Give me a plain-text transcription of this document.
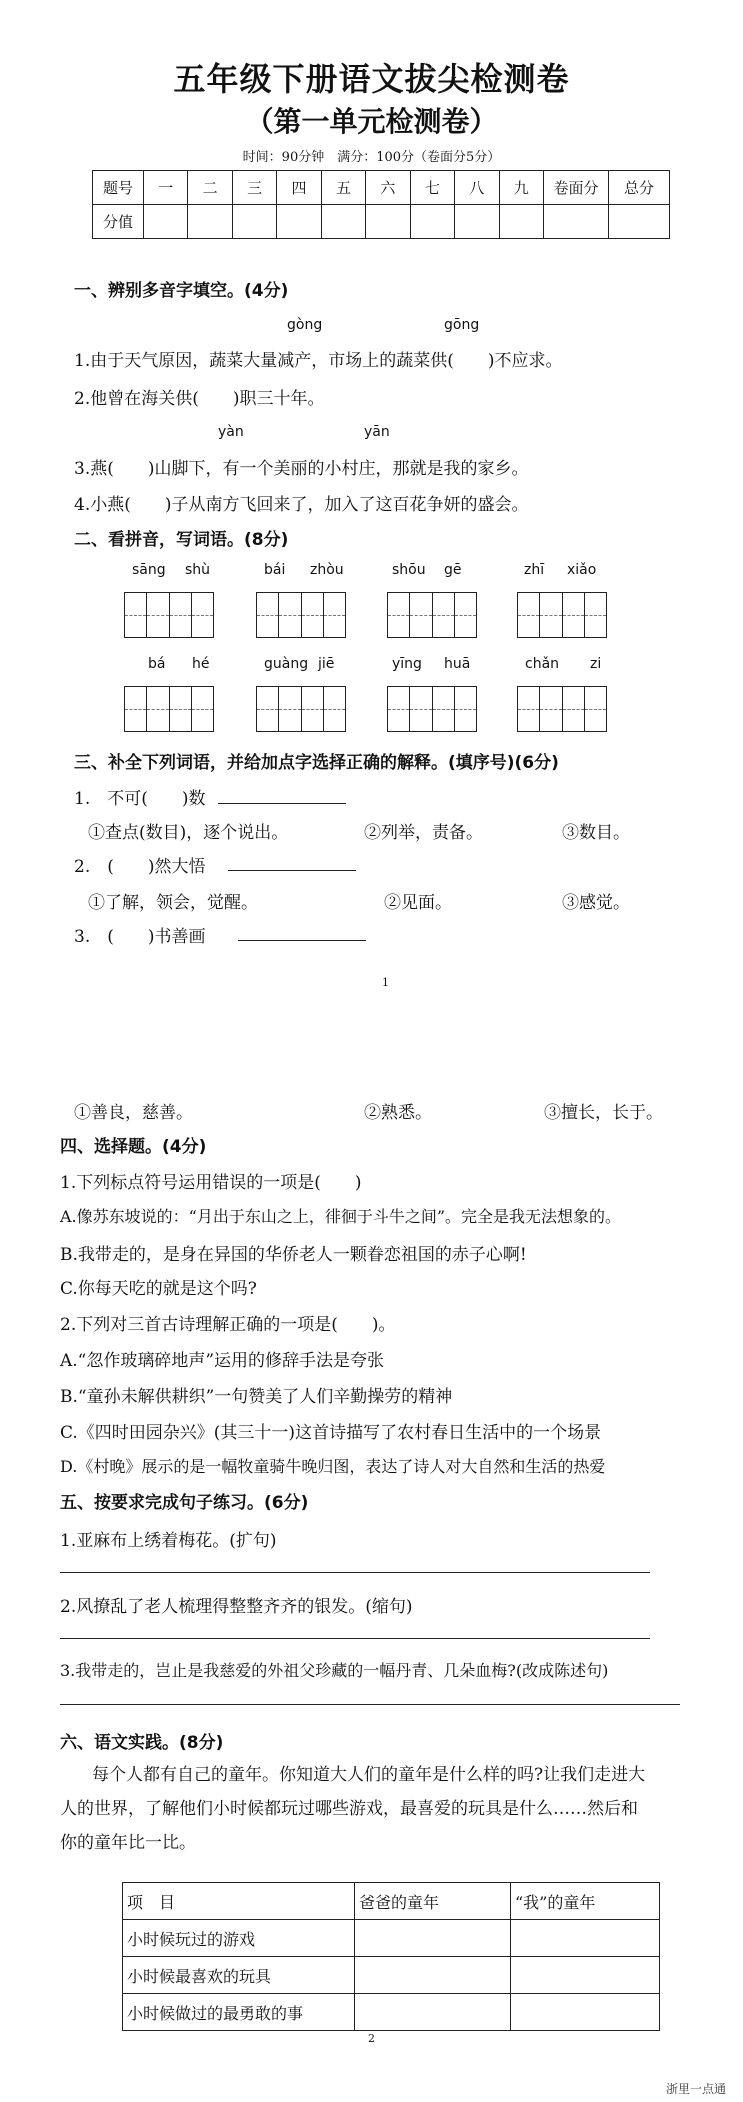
五年级下册语文拔尖检测卷
（第一单元检测卷）
时间：90分钟　满分：100分（卷面分5分）
题号	一	二	三	四	五	六	七	八	九	卷面分	总分
分值											
一、辨别多音字填空。(4分)
gòng	gōng
1.由于天气原因，蔬菜大量减产，市场上的蔬菜供(　　)不应求。
2.他曾在海关供(　　)职三十年。
yàn	yān
3.燕(　　)山脚下，有一个美丽的小村庄，那就是我的家乡。
4.小燕(　　)子从南方飞回来了，加入了这百花争妍的盛会。
二、看拼音，写词语。(8分)
sāng shù	bái zhòu	shōu gē	zhī xiǎo
bá hé	guàng jiē	yīng huā	chǎn zi
三、补全下列词语，并给加点字选择正确的解释。(填序号)(6分)
1.　不可(　　)数
①查点(数目)，逐个说出。	②列举，责备。	③数目。
2.　(　　)然大悟
①了解，领会，觉醒。	②见面。	③感觉。
3.　(　　)书善画
1
①善良，慈善。	②熟悉。	③擅长，长于。
四、选择题。(4分)
1.下列标点符号运用错误的一项是(　　)
A.像苏东坡说的：“月出于东山之上，徘徊于斗牛之间”。完全是我无法想象的。
B.我带走的，是身在异国的华侨老人一颗眷恋祖国的赤子心啊!
C.你每天吃的就是这个吗?
2.下列对三首古诗理解正确的一项是(　　)。
A.“忽作玻璃碎地声”运用的修辞手法是夸张
B.“童孙未解供耕织”一句赞美了人们辛勤操劳的精神
C.《四时田园杂兴》(其三十一)这首诗描写了农村春日生活中的一个场景
D.《村晚》展示的是一幅牧童骑牛晚归图，表达了诗人对大自然和生活的热爱
五、按要求完成句子练习。(6分)
1.亚麻布上绣着梅花。(扩句)
2.风撩乱了老人梳理得整整齐齐的银发。(缩句)
3.我带走的，岂止是我慈爱的外祖父珍藏的一幅丹青、几朵血梅?(改成陈述句)
六、语文实践。(8分)
每个人都有自己的童年。你知道大人们的童年是什么样的吗?让我们走进大
人的世界，了解他们小时候都玩过哪些游戏，最喜爱的玩具是什么……然后和
你的童年比一比。
项　目	爸爸的童年	“我”的童年
小时候玩过的游戏		
小时候最喜欢的玩具		
小时候做过的最勇敢的事		
2
浙里一点通
